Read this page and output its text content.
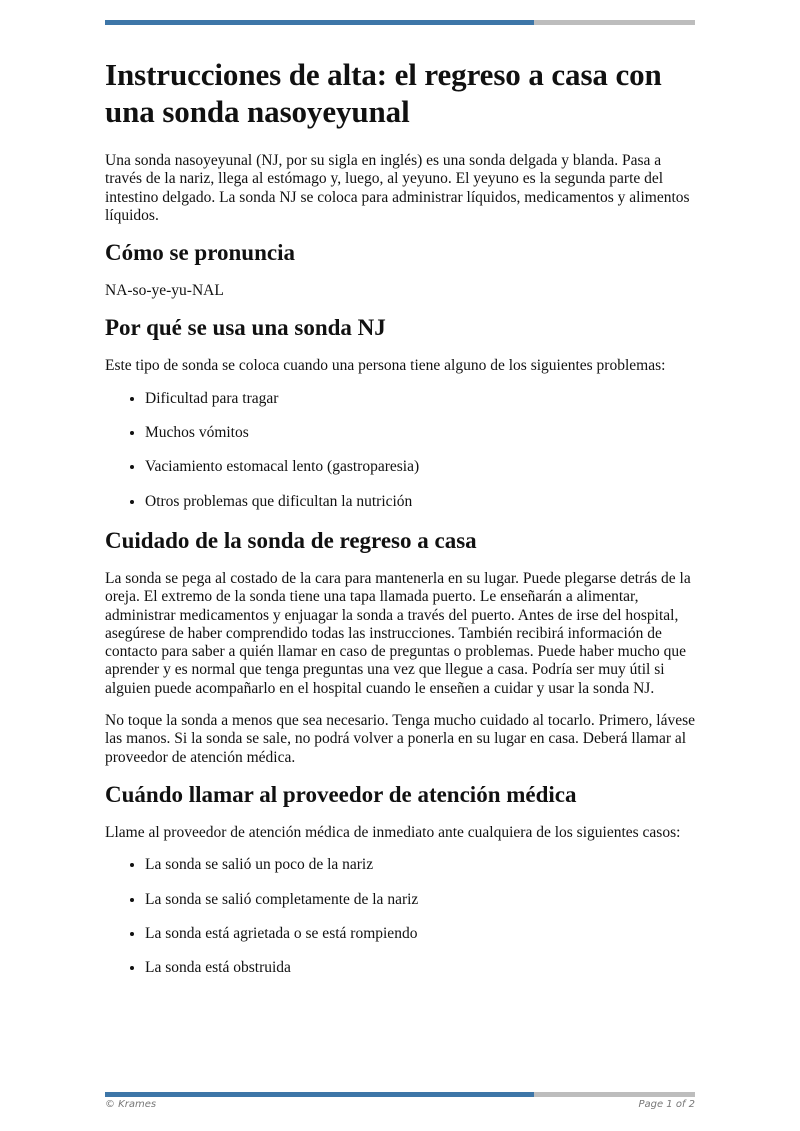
Instrucciones de alta: el regreso a casa con una sonda nasoyeyunal

Una sonda nasoyeyunal (NJ, por su sigla en inglés) es una sonda delgada y blanda. Pasa a través de la nariz, llega al estómago y, luego, al yeyuno. El yeyuno es la segunda parte del intestino delgado. La sonda NJ se coloca para administrar líquidos, medicamentos y alimentos líquidos.

Cómo se pronuncia

NA-so-ye-yu-NAL

Por qué se usa una sonda NJ

Este tipo de sonda se coloca cuando una persona tiene alguno de los siguientes problemas:

• Dificultad para tragar
• Muchos vómitos
• Vaciamiento estomacal lento (gastroparesia)
• Otros problemas que dificultan la nutrición
Cuidado de la sonda de regreso a casa

La sonda se pega al costado de la cara para mantenerla en su lugar. Puede plegarse detrás de la oreja. El extremo de la sonda tiene una tapa llamada puerto. Le enseñarán a alimentar, administrar medicamentos y enjuagar la sonda a través del puerto. Antes de irse del hospital, asegúrese de haber comprendido todas las instrucciones. También recibirá información de contacto para saber a quién llamar en caso de preguntas o problemas. Puede haber mucho que aprender y es normal que tenga preguntas una vez que llegue a casa. Podría ser muy útil si alguien puede acompañarlo en el hospital cuando le enseñen a cuidar y usar la sonda NJ.

No toque la sonda a menos que sea necesario. Tenga mucho cuidado al tocarlo. Primero, lávese las manos. Si la sonda se sale, no podrá volver a ponerla en su lugar en casa. Deberá llamar al proveedor de atención médica.

Cuándo llamar al proveedor de atención médica

Llame al proveedor de atención médica de inmediato ante cualquiera de los siguientes casos:

• La sonda se salió un poco de la nariz
• La sonda se salió completamente de la nariz
• La sonda está agrietada o se está rompiendo
• La sonda está obstruida
© Krames	Page 1 of 2
